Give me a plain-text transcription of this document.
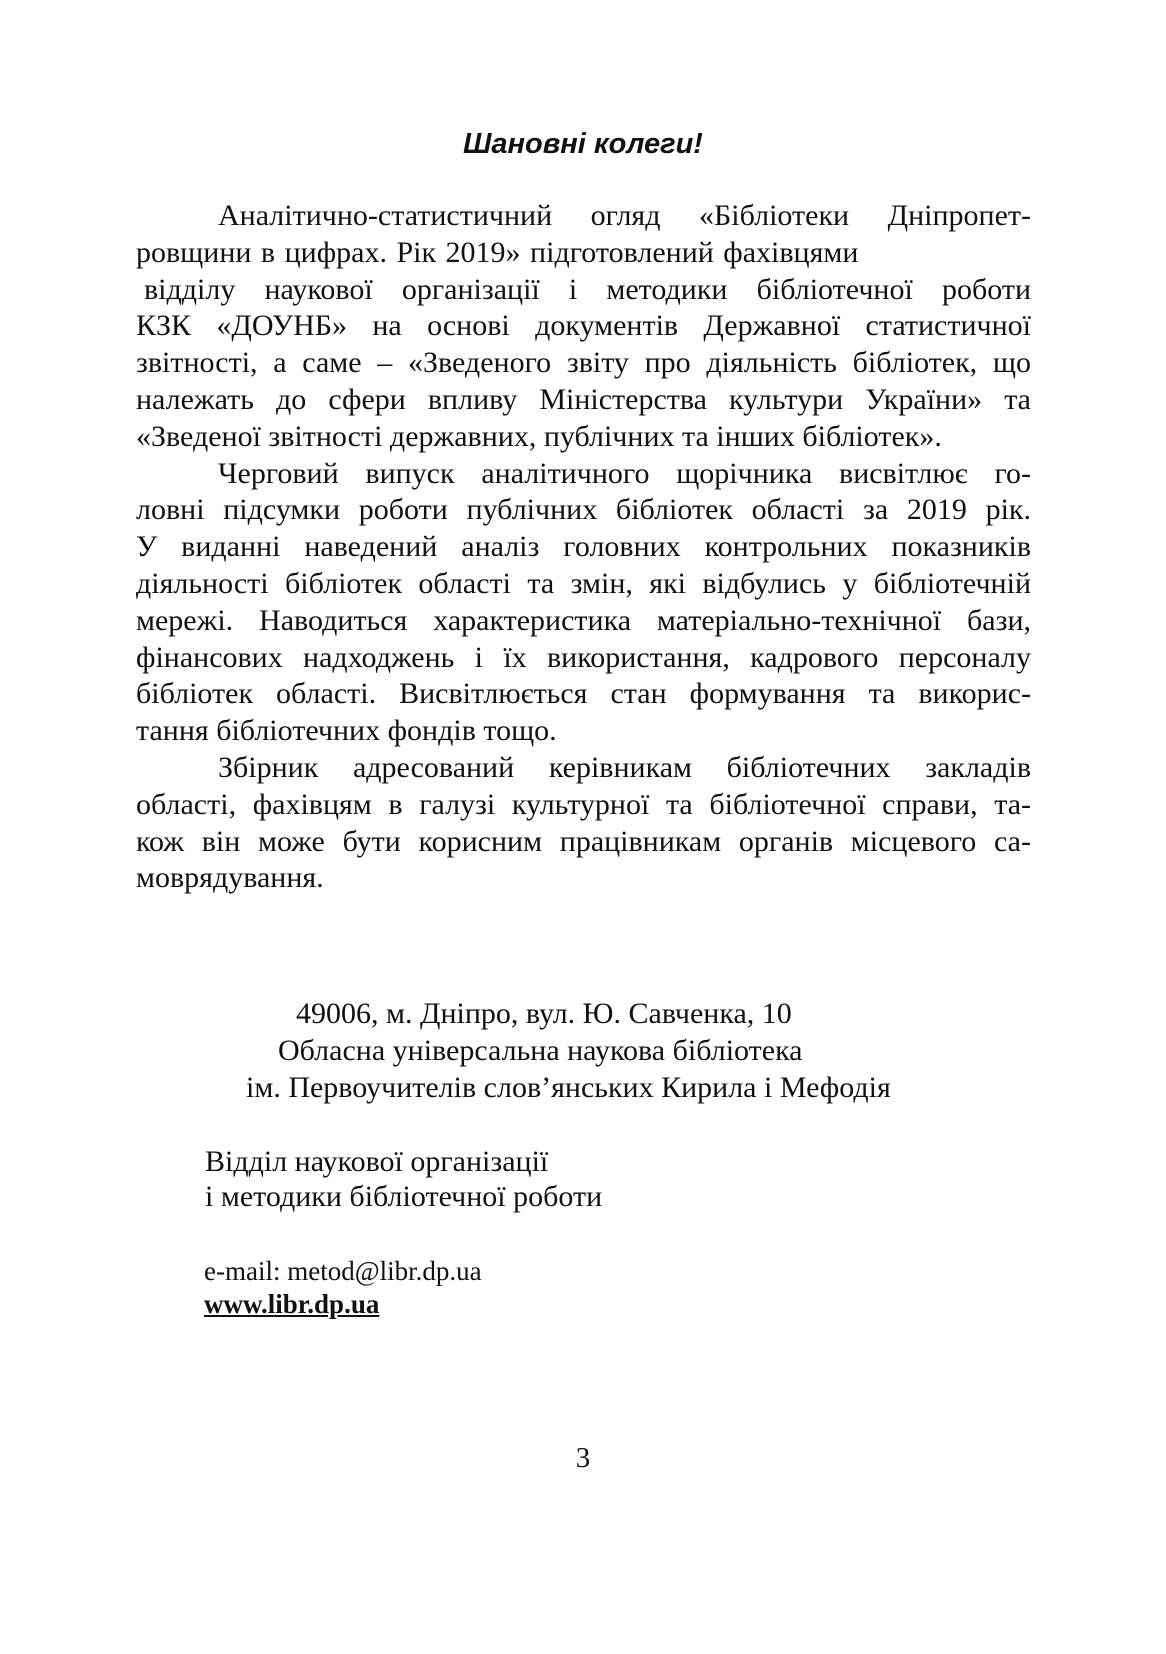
Шановні колеги!

Аналітично-статистичний огляд «Бібліотеки Дніпропет-
ровщини в цифрах. Рік 2019» підготовлений фахівцями
відділу наукової організації і методики бібліотечної роботи
КЗК «ДОУНБ» на основі документів Державної статистичної
звітності, а саме – «Зведеного звіту про діяльність бібліотек, що
належать до сфери впливу Міністерства культури України» та
«Зведеної звітності державних, публічних та інших бібліотек».

Черговий випуск аналітичного щорічника висвітлює го-
ловні підсумки роботи публічних бібліотек області за 2019 рік.
У виданні наведений аналіз головних контрольних показників
діяльності бібліотек області та змін, які відбулись у бібліотечній
мережі. Наводиться характеристика матеріально-технічної бази,
фінансових надходжень і їх використання, кадрового персоналу
бібліотек області. Висвітлюється стан формування та викорис-
тання бібліотечних фондів тощо.

Збірник адресований керівникам бібліотечних закладів
області, фахівцям в галузі культурної та бібліотечної справи, та-
кож він може бути корисним працівникам органів місцевого са-
моврядування.

49006, м. Дніпро, вул. Ю. Савченка, 10
Обласна універсальна наукова бібліотека
ім. Первоучителів слов’янських Кирила і Мефодія
Відділ наукової організації
і методики бібліотечної роботи
e-mail: metod@libr.dp.ua
www.libr.dp.ua
3
